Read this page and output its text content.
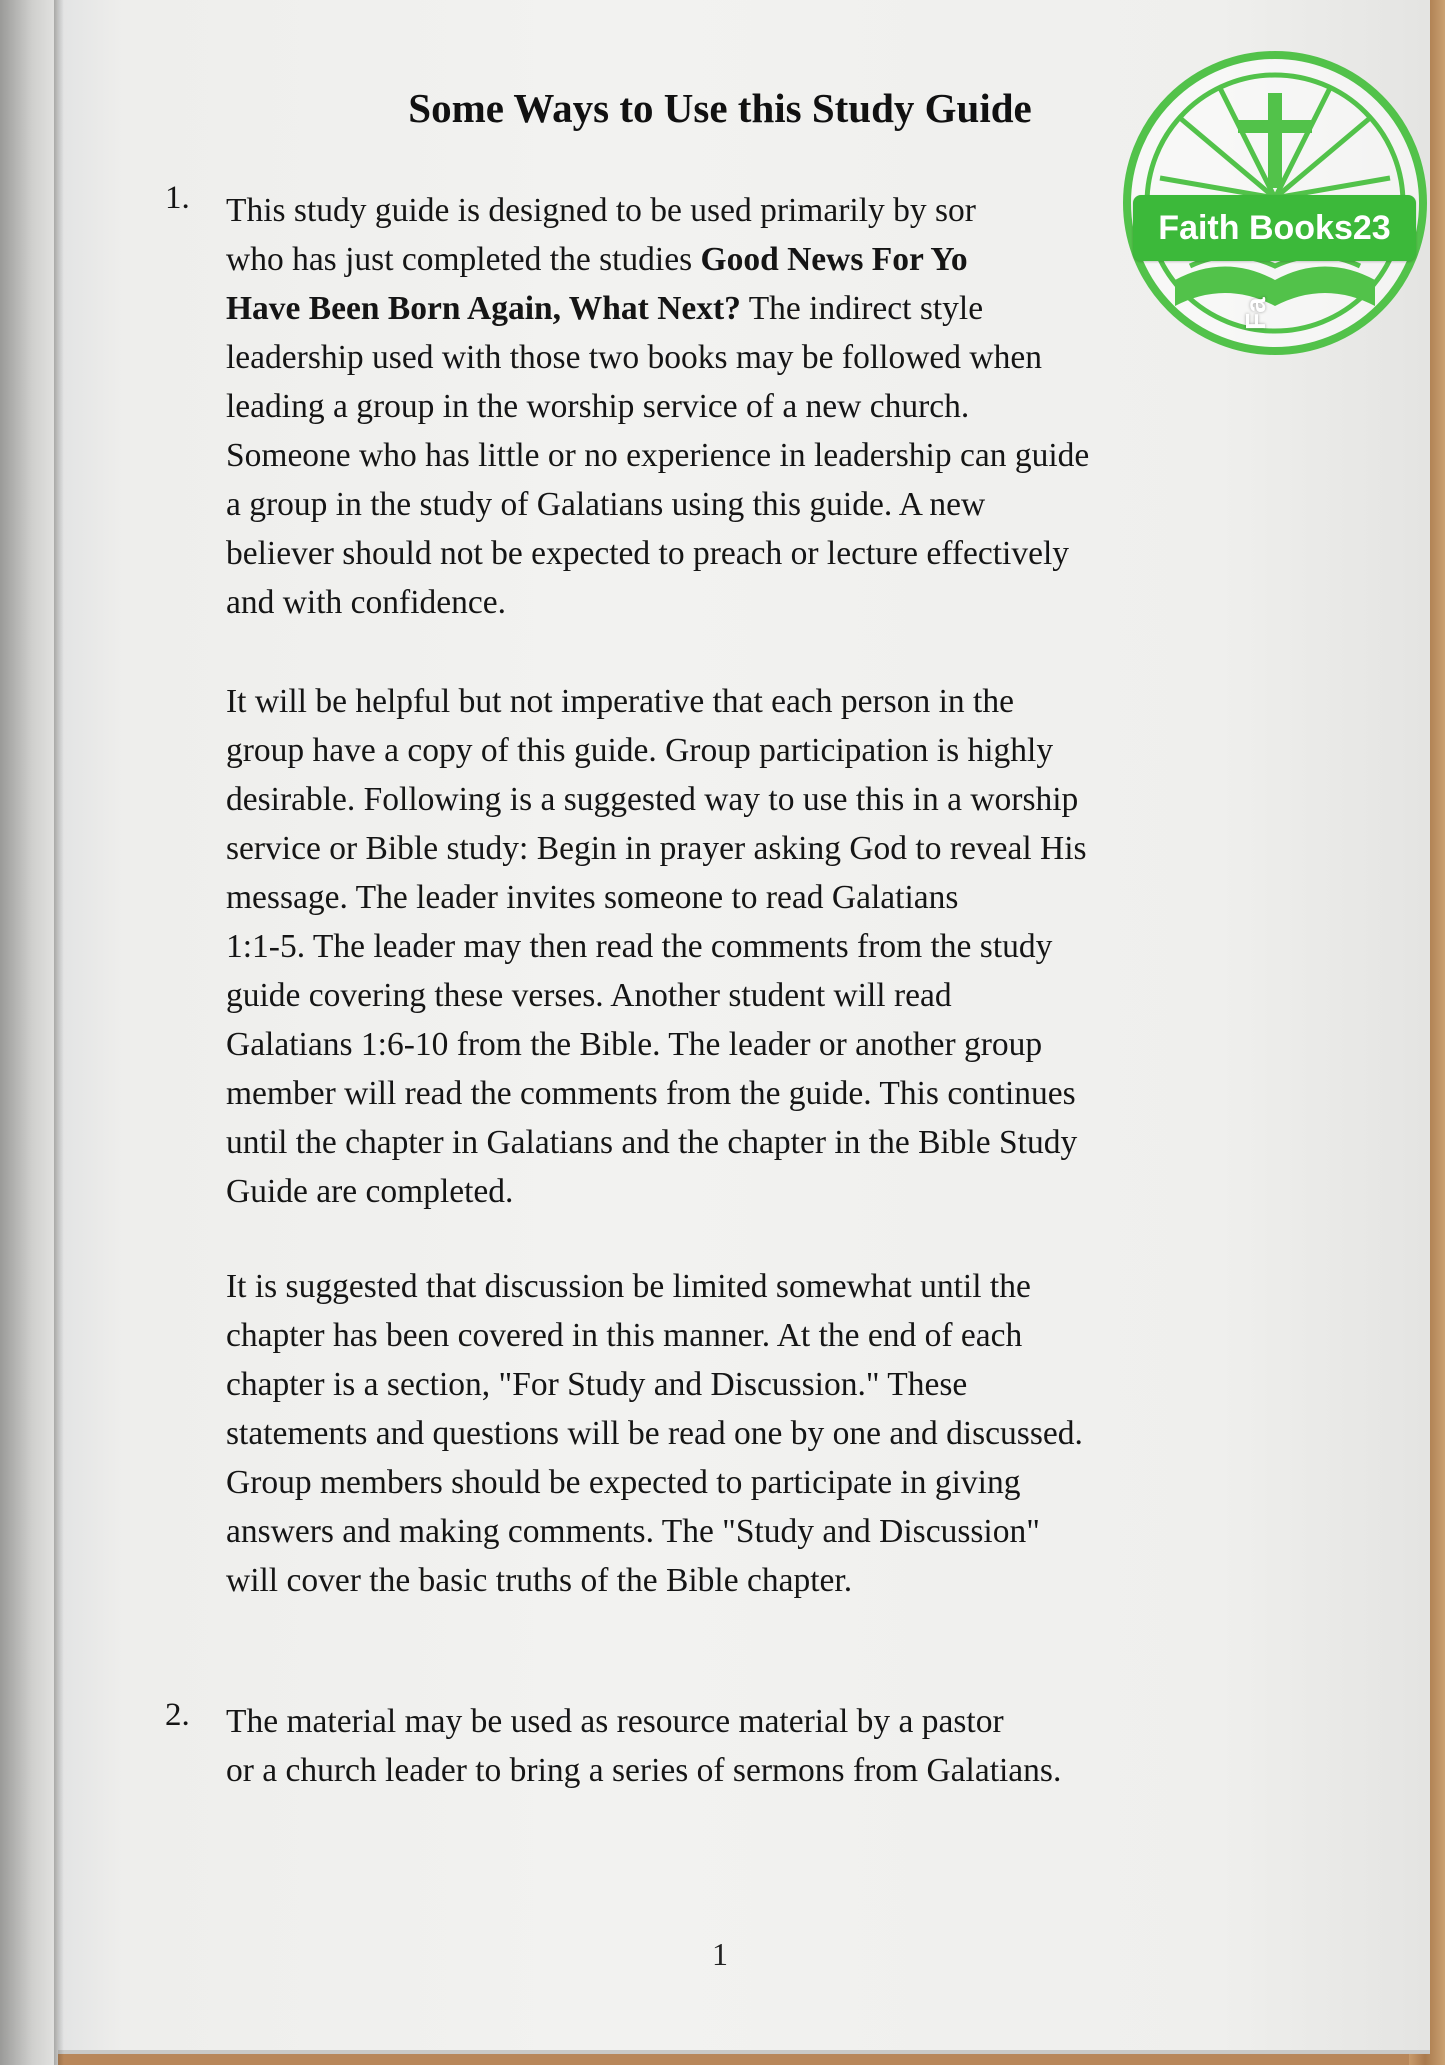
Some Ways to Use this Study Guide
1. This study guide is designed to be used primarily by sor
who has just completed the studies Good News For Yo
Have Been Born Again, What Next? The indirect style
leadership used with those two books may be followed when
leading a group in the worship service of a new church.
Someone who has little or no experience in leadership can guide
a group in the study of Galatians using this guide. A new
believer should not be expected to preach or lecture effectively
and with confidence.
It will be helpful but not imperative that each person in the
group have a copy of this guide. Group participation is highly
desirable. Following is a suggested way to use this in a worship
service or Bible study: Begin in prayer asking God to reveal His
message. The leader invites someone to read Galatians
1:1-5. The leader may then read the comments from the study
guide covering these verses. Another student will read
Galatians 1:6-10 from the Bible. The leader or another group
member will read the comments from the guide. This continues
until the chapter in Galatians and the chapter in the Bible Study
Guide are completed.
It is suggested that discussion be limited somewhat until the
chapter has been covered in this manner. At the end of each
chapter is a section, "For Study and Discussion." These
statements and questions will be read one by one and discussed.
Group members should be expected to participate in giving
answers and making comments. The "Study and Discussion"
will cover the basic truths of the Bible chapter.
2. The material may be used as resource material by a pastor
or a church leader to bring a series of sermons from Galatians.
1
Faith Books23
Fa
